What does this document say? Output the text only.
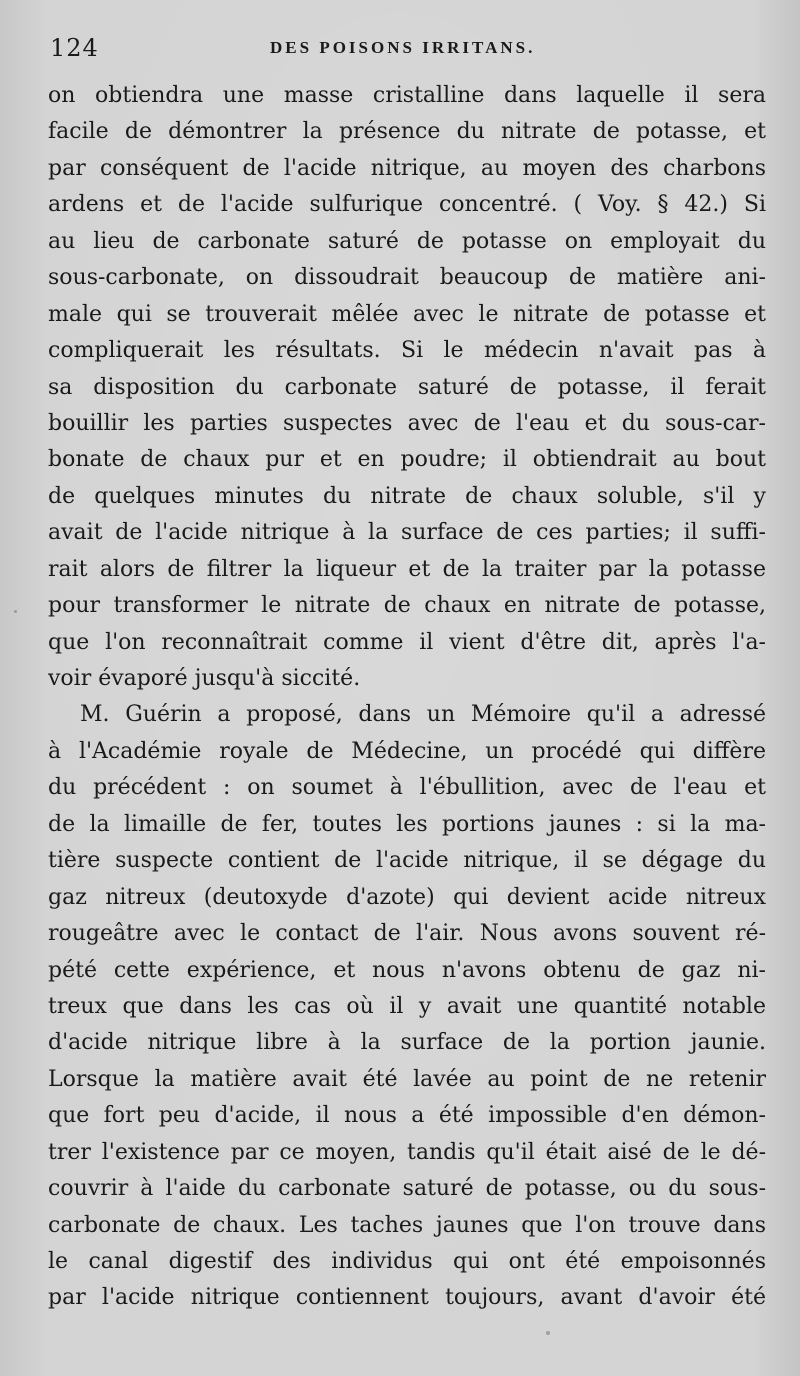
124	DES POISONS IRRITANS.
on obtiendra une masse cristalline dans laquelle il sera
facile de démontrer la présence du nitrate de potasse, et
par conséquent de l'acide nitrique, au moyen des charbons
ardens et de l'acide sulfurique concentré. ( Voy. § 42.) Si
au lieu de carbonate saturé de potasse on employait du
sous-carbonate, on dissoudrait beaucoup de matière ani-
male qui se trouverait mêlée avec le nitrate de potasse et
compliquerait les résultats. Si le médecin n'avait pas à
sa disposition du carbonate saturé de potasse, il ferait
bouillir les parties suspectes avec de l'eau et du sous-car-
bonate de chaux pur et en poudre; il obtiendrait au bout
de quelques minutes du nitrate de chaux soluble, s'il y
avait de l'acide nitrique à la surface de ces parties; il suffi-
rait alors de filtrer la liqueur et de la traiter par la potasse
pour transformer le nitrate de chaux en nitrate de potasse,
que l'on reconnaîtrait comme il vient d'être dit, après l'a-
voir évaporé jusqu'à siccité.
M. Guérin a proposé, dans un Mémoire qu'il a adressé
à l'Académie royale de Médecine, un procédé qui diffère
du précédent : on soumet à l'ébullition, avec de l'eau et
de la limaille de fer, toutes les portions jaunes : si la ma-
tière suspecte contient de l'acide nitrique, il se dégage du
gaz nitreux (deutoxyde d'azote) qui devient acide nitreux
rougeâtre avec le contact de l'air. Nous avons souvent ré-
pété cette expérience, et nous n'avons obtenu de gaz ni-
treux que dans les cas où il y avait une quantité notable
d'acide nitrique libre à la surface de la portion jaunie.
Lorsque la matière avait été lavée au point de ne retenir
que fort peu d'acide, il nous a été impossible d'en démon-
trer l'existence par ce moyen, tandis qu'il était aisé de le dé-
couvrir à l'aide du carbonate saturé de potasse, ou du sous-
carbonate de chaux. Les taches jaunes que l'on trouve dans
le canal digestif des individus qui ont été empoisonnés
par l'acide nitrique contiennent toujours, avant d'avoir été
